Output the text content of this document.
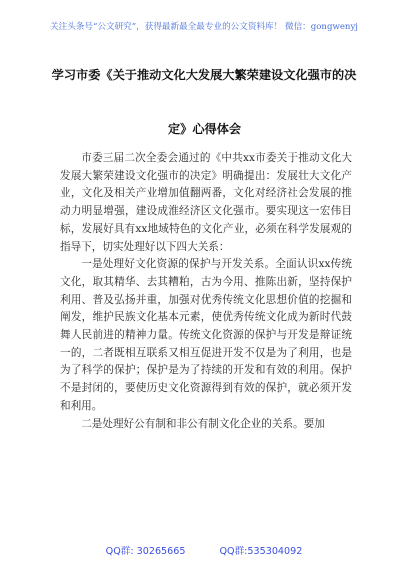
关注头条号“公文研究”，获得最新最全最专业的公文资料库！ 微信：gongwenyj
学习市委《关于推动文化大发展大繁荣建设文化强市的决
定》心得体会

市委三届二次全委会通过的《中共xx市委关于推动文化大发展大繁荣建设文化强市的决定》明确提出：发展壮大文化产业，文化及相关产业增加值翻两番，文化对经济社会发展的推动力明显增强，建设成淮经济区文化强市。要实现这一宏伟目标，发展好具有xx地域特色的文化产业，必须在科学发展观的指导下，切实处理好以下四大关系：

一是处理好文化资源的保护与开发关系。全面认识xx传统文化，取其精华、去其糟粕，古为今用、推陈出新，坚持保护利用、普及弘扬并重，加强对优秀传统文化思想价值的挖掘和阐发，维护民族文化基本元素，使优秀传统文化成为新时代鼓舞人民前进的精神力量。传统文化资源的保护与开发是辩证统一的，二者既相互联系又相互促进开发不仅是为了利用，也是为了科学的保护；保护是为了持续的开发和有效的利用。保护不是封闭的，要使历史文化资源得到有效的保护，就必须开发和利用。

二是处理好公有制和非公有制文化企业的关系。要加

QQ群: 30265665	QQ群:535304092
